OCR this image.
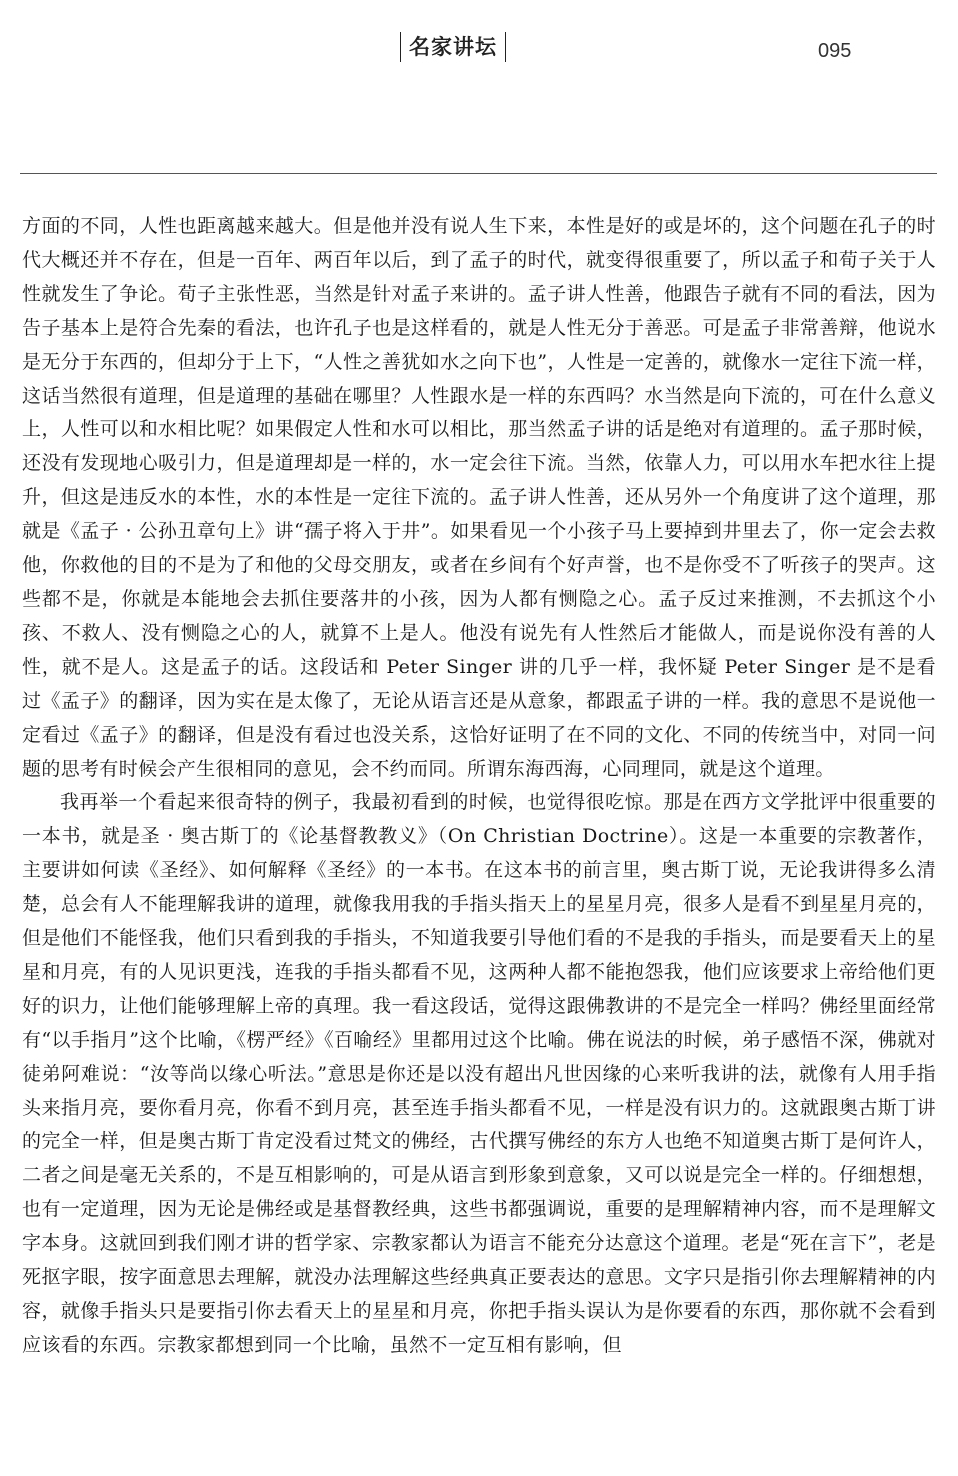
名家讲坛	095

方面的不同，人性也距离越来越大。但是他并没有说人生下来，本性是好的或是坏的，这个问题在孔子的时代大概还并不存在，但是一百年、两百年以后，到了孟子的时代，就变得很重要了，所以孟子和荀子关于人性就发生了争论。荀子主张性恶，当然是针对孟子来讲的。孟子讲人性善，他跟告子就有不同的看法，因为告子基本上是符合先秦的看法，也许孔子也是这样看的，就是人性无分于善恶。可是孟子非常善辩，他说水是无分于东西的，但却分于上下，“人性之善犹如水之向下也”，人性是一定善的，就像水一定往下流一样，这话当然很有道理，但是道理的基础在哪里？人性跟水是一样的东西吗？水当然是向下流的，可在什么意义上，人性可以和水相比呢？如果假定人性和水可以相比，那当然孟子讲的话是绝对有道理的。孟子那时候，还没有发现地心吸引力，但是道理却是一样的，水一定会往下流。当然，依靠人力，可以用水车把水往上提升，但这是违反水的本性，水的本性是一定往下流的。孟子讲人性善，还从另外一个角度讲了这个道理，那就是《孟子 · 公孙丑章句上》讲“孺子将入于井”。如果看见一个小孩子马上要掉到井里去了，你一定会去救他，你救他的目的不是为了和他的父母交朋友，或者在乡间有个好声誉，也不是你受不了听孩子的哭声。这些都不是，你就是本能地会去抓住要落井的小孩，因为人都有恻隐之心。孟子反过来推测，不去抓这个小孩、不救人、没有恻隐之心的人，就算不上是人。他没有说先有人性然后才能做人，而是说你没有善的人性，就不是人。这是孟子的话。这段话和 Peter Singer 讲的几乎一样，我怀疑 Peter Singer 是不是看过《孟子》的翻译，因为实在是太像了，无论从语言还是从意象，都跟孟子讲的一样。我的意思不是说他一定看过《孟子》的翻译，但是没有看过也没关系，这恰好证明了在不同的文化、不同的传统当中，对同一问题的思考有时候会产生很相同的意见，会不约而同。所谓东海西海，心同理同，就是这个道理。

我再举一个看起来很奇特的例子，我最初看到的时候，也觉得很吃惊。那是在西方文学批评中很重要的一本书，就是圣 · 奥古斯丁的《论基督教教义》（On Christian Doctrine）。这是一本重要的宗教著作，主要讲如何读《圣经》、如何解释《圣经》的一本书。在这本书的前言里，奥古斯丁说，无论我讲得多么清楚，总会有人不能理解我讲的道理，就像我用我的手指头指天上的星星月亮，很多人是看不到星星月亮的，但是他们不能怪我，他们只看到我的手指头，不知道我要引导他们看的不是我的手指头，而是要看天上的星星和月亮，有的人见识更浅，连我的手指头都看不见，这两种人都不能抱怨我，他们应该要求上帝给他们更好的识力，让他们能够理解上帝的真理。我一看这段话，觉得这跟佛教讲的不是完全一样吗？佛经里面经常有“以手指月”这个比喻，《楞严经》《百喻经》里都用过这个比喻。佛在说法的时候，弟子感悟不深，佛就对徒弟阿难说：“汝等尚以缘心听法。”意思是你还是以没有超出凡世因缘的心来听我讲的法，就像有人用手指头来指月亮，要你看月亮，你看不到月亮，甚至连手指头都看不见，一样是没有识力的。这就跟奥古斯丁讲的完全一样，但是奥古斯丁肯定没看过梵文的佛经，古代撰写佛经的东方人也绝不知道奥古斯丁是何许人，二者之间是毫无关系的，不是互相影响的，可是从语言到形象到意象，又可以说是完全一样的。仔细想想，也有一定道理，因为无论是佛经或是基督教经典，这些书都强调说，重要的是理解精神内容，而不是理解文字本身。这就回到我们刚才讲的哲学家、宗教家都认为语言不能充分达意这个道理。老是“死在言下”，老是死抠字眼，按字面意思去理解，就没办法理解这些经典真正要表达的意思。文字只是指引你去理解精神的内容，就像手指头只是要指引你去看天上的星星和月亮，你把手指头误认为是你要看的东西，那你就不会看到应该看的东西。宗教家都想到同一个比喻，虽然不一定互相有影响，但
